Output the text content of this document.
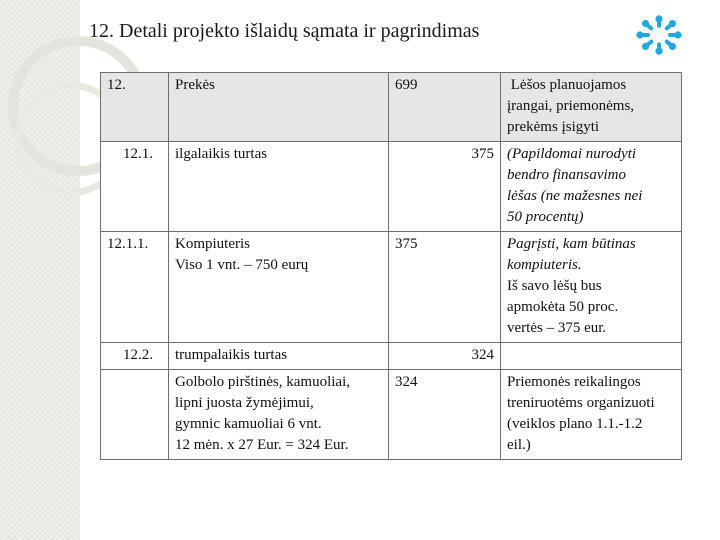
12. Detali projekto išlaidų sąmata ir pagrindimas
12.	Prekės	699	Lėšos planuojamos
įrangai, priemonėms,
prekėms įsigyti

12.1.	ilgalaikis turtas	375	(Papildomai nurodyti
bendro finansavimo
lėšas (ne mažesnes nei
50 procentų)

12.1.1.	Kompiuteris
Viso 1 vnt. – 750 eurų	375	Pagrįsti, kam būtinas
kompiuteris.
Iš savo lėšų bus
apmokėta 50 proc.
vertės – 375 eur.

12.2.	trumpalaikis turtas	324	

	Golbolo pirštinės, kamuoliai,
lipni juosta žymėjimui,
gymnic kamuoliai 6 vnt.
12 mėn. x 27 Eur. = 324 Eur.	324	Priemonės reikalingos
treniruotėms organizuoti
(veiklos plano 1.1.-1.2
eil.)
